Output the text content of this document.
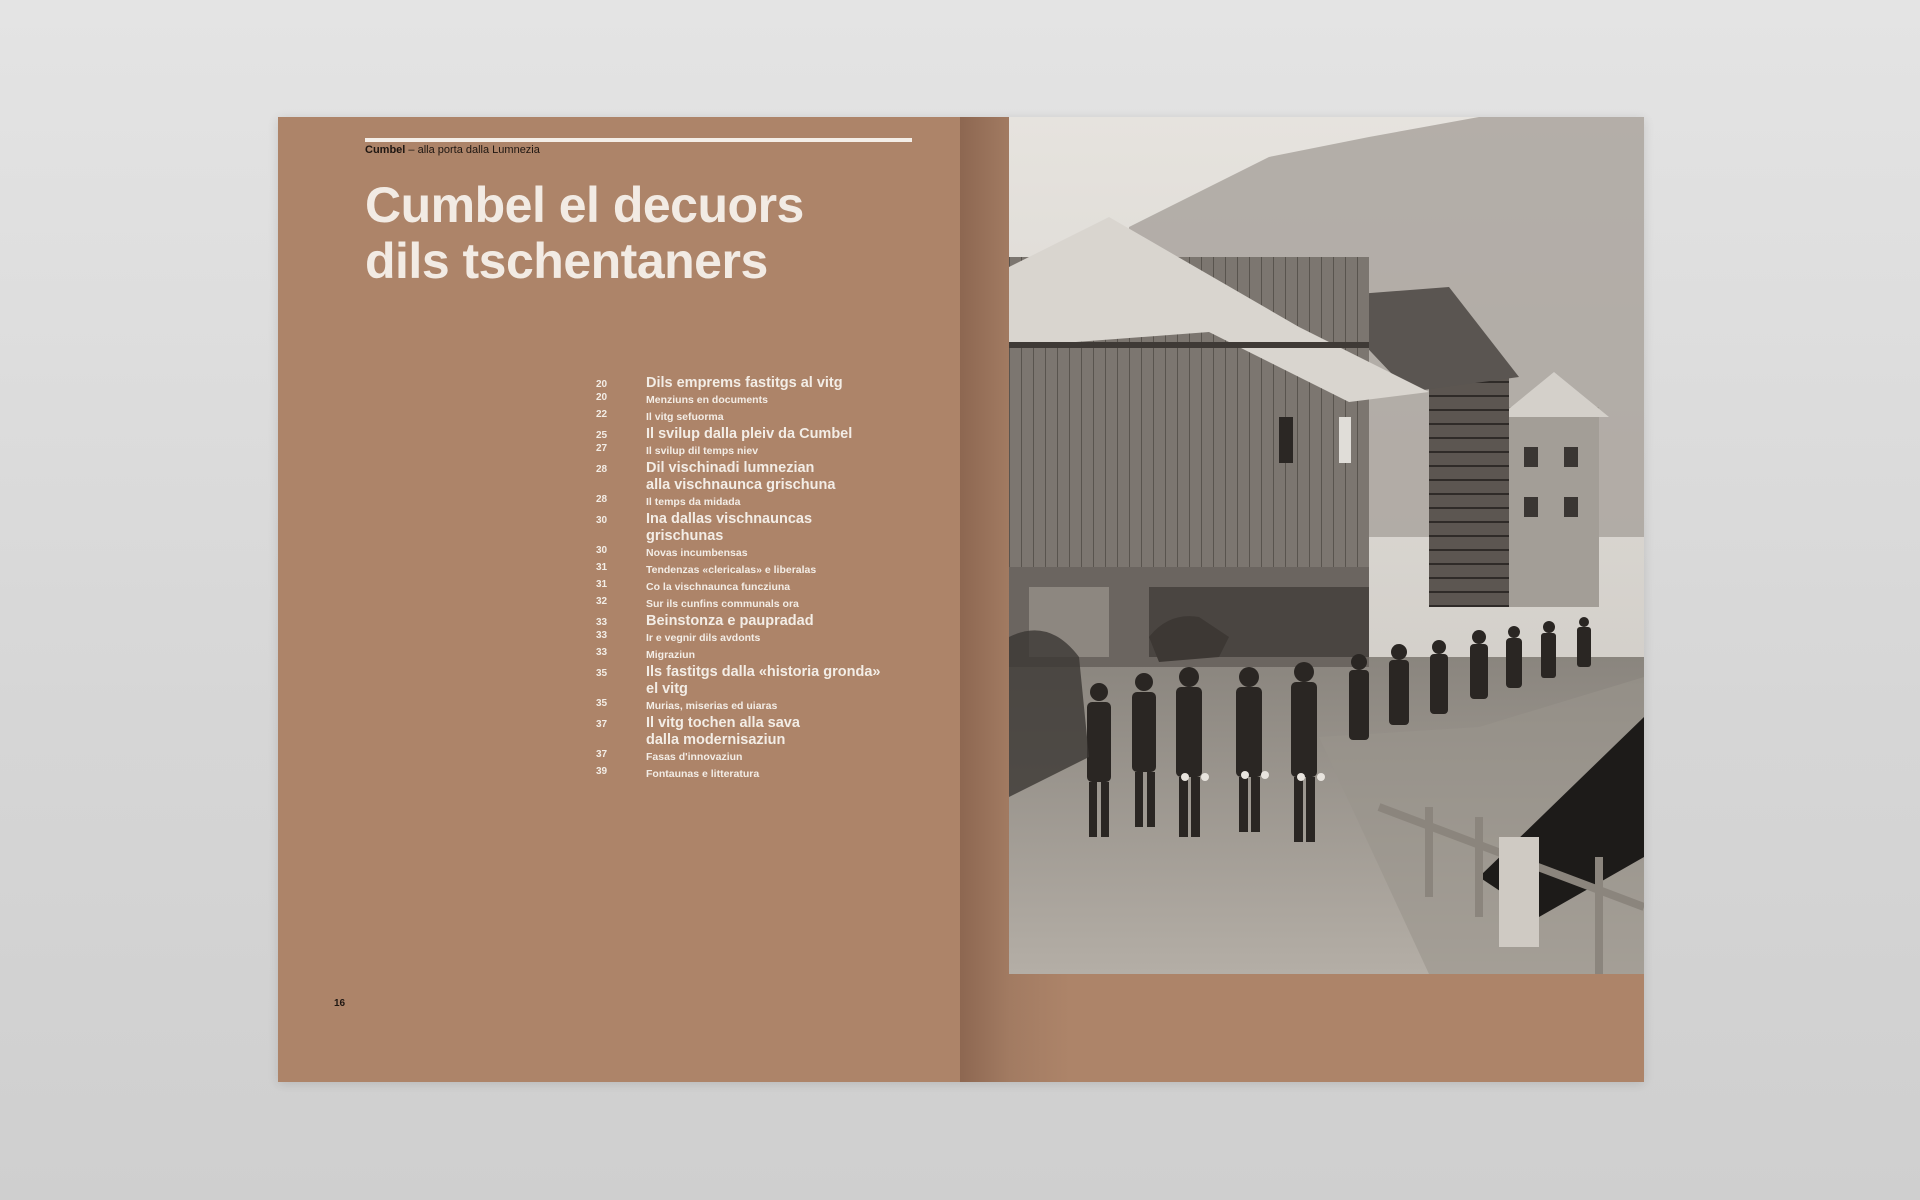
Cumbel – alla porta dalla Lumnezia
Cumbel el decuors
dils tschentaners
20	Dils emprems fastitgs al vitg
20	Menziuns en documents
22	Il vitg sefuorma
25	Il svilup dalla pleiv da Cumbel
27	Il svilup dil temps niev
28	Dil vischinadi lumnezian
alla vischnaunca grischuna
28	Il temps da midada
30	Ina dallas vischnauncas
grischunas
30	Novas incumbensas
31	Tendenzas «clericalas» e liberalas
31	Co la vischnaunca funcziuna
32	Sur ils cunfins communals ora
33	Beinstonza e paupradad
33	Ir e vegnir dils avdonts
33	Migraziun
35	Ils fastitgs dalla «historia gronda»
el vitg
35	Murias, miserias ed uiaras
37	Il vitg tochen alla sava
dalla modernisaziun
37	Fasas d'innovaziun
39	Fontaunas e litteratura
16
